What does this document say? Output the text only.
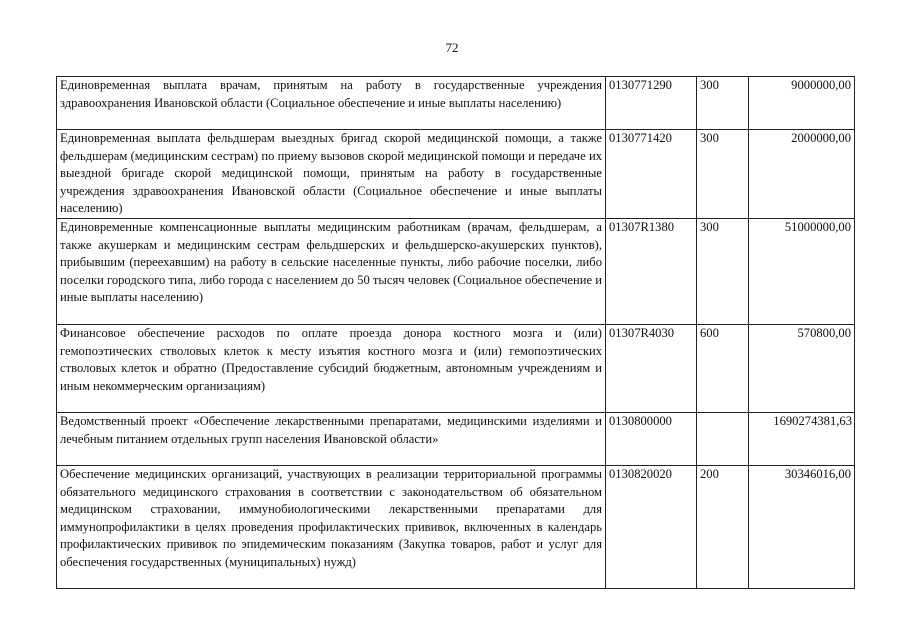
72
Единовременная выплата врачам, принятым на работу в государственные учреждения здравоохранения Ивановской области (Социальное обеспечение и иные выплаты населению)	0130771290	300	9000000,00
Единовременная выплата фельдшерам выездных бригад скорой медицинской помощи, а также фельдшерам (медицинским сестрам) по приему вызовов скорой медицинской помощи и передаче их выездной бригаде скорой медицинской помощи, принятым на работу в государственные учреждения здравоохранения Ивановской области (Социальное обеспечение и иные выплаты населению)	0130771420	300	2000000,00
Единовременные компенсационные выплаты медицинским работникам (врачам, фельдшерам, а также акушеркам и медицинским сестрам фельдшерских и фельдшерско-акушерских пунктов), прибывшим (переехавшим) на работу в сельские населенные пункты, либо рабочие поселки, либо поселки городского типа, либо города с населением до 50 тысяч человек (Социальное обеспечение и иные выплаты населению)	01307R1380	300	51000000,00
Финансовое обеспечение расходов по оплате проезда донора костного мозга и (или) гемопоэтических стволовых клеток к месту изъятия костного мозга и (или) гемопоэтических стволовых клеток и обратно (Предоставление субсидий бюджетным, автономным учреждениям и иным некоммерческим организациям)	01307R4030	600	570800,00
Ведомственный проект «Обеспечение лекарственными препаратами, медицинскими изделиями и лечебным питанием отдельных групп населения Ивановской области»	0130800000		1690274381,63
Обеспечение медицинских организаций, участвующих в реализации территориальной программы обязательного медицинского страхования в соответствии с законодательством об обязательном медицинском страховании, иммунобиологическими лекарственными препаратами для иммунопрофилактики в целях проведения профилактических прививок, включенных в календарь профилактических прививок по эпидемическим показаниям (Закупка товаров, работ и услуг для обеспечения государственных (муниципальных) нужд)	0130820020	200	30346016,00
